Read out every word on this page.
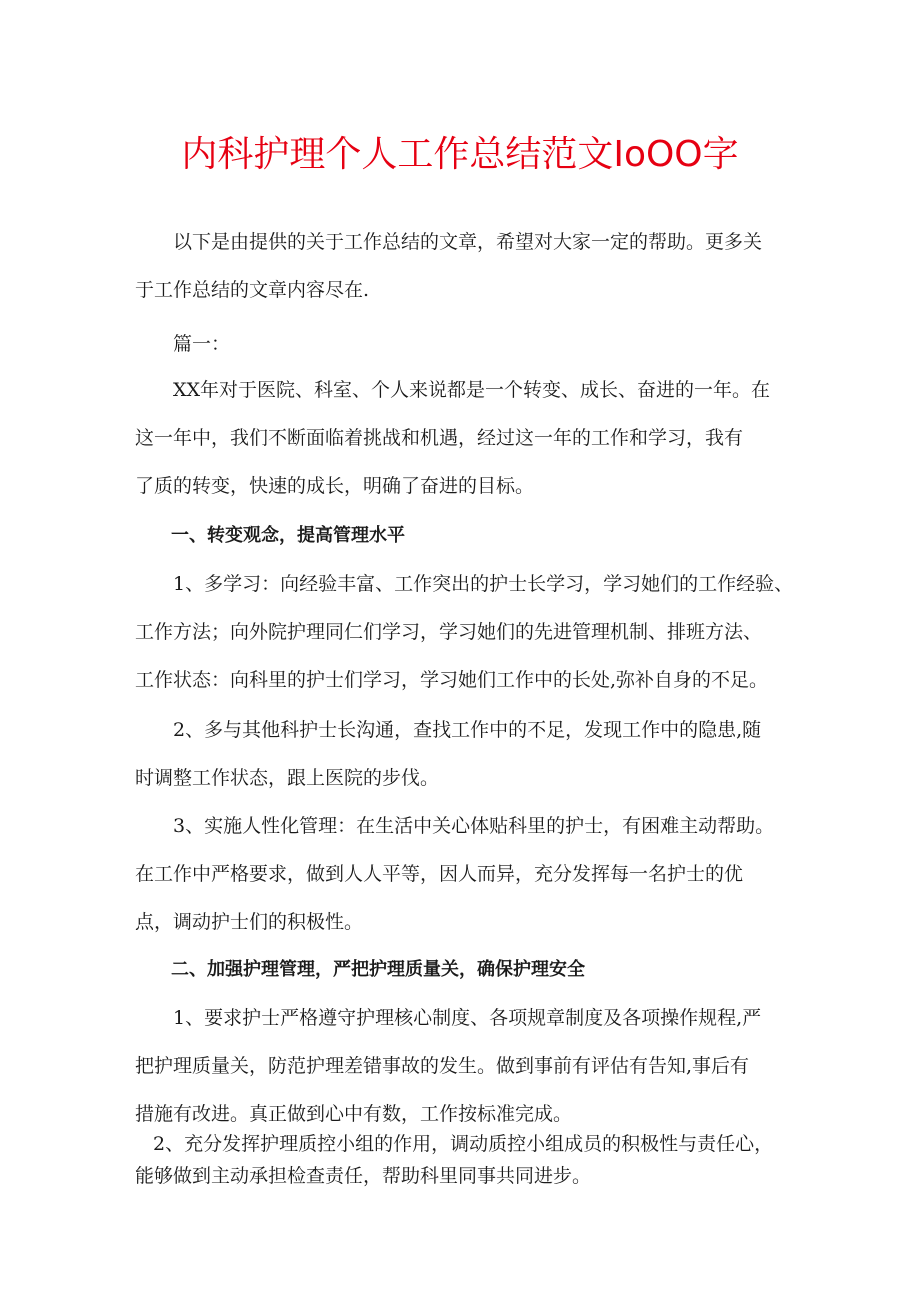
内科护理个人工作总结范文IoOO字
以下是由提供的关于工作总结的文章，希望对大家一定的帮助。更多关
于工作总结的文章内容尽在.
篇一：
XX年对于医院、科室、个人来说都是一个转变、成长、奋进的一年。在
这一年中，我们不断面临着挑战和机遇，经过这一年的工作和学习，我有
了质的转变，快速的成长，明确了奋进的目标。
一、转变观念，提高管理水平
1、多学习：向经验丰富、工作突出的护士长学习，学习她们的工作经验、
工作方法；向外院护理同仁们学习，学习她们的先进管理机制、排班方法、
工作状态：向科里的护士们学习，学习她们工作中的长处,弥补自身的不足。
2、多与其他科护士长沟通，查找工作中的不足，发现工作中的隐患,随
时调整工作状态，跟上医院的步伐。
3、实施人性化管理：在生活中关心体贴科里的护士，有困难主动帮助。
在工作中严格要求，做到人人平等，因人而异，充分发挥每一名护士的优
点，调动护士们的积极性。
二、加强护理管理，严把护理质量关，确保护理安全
1、要求护士严格遵守护理核心制度、各项规章制度及各项操作规程,严
把护理质量关，防范护理差错事故的发生。做到事前有评估有告知,事后有
措施有改进。真正做到心中有数，工作按标准完成。
2、充分发挥护理质控小组的作用，调动质控小组成员的积极性与责任心，
能够做到主动承担检查责任，帮助科里同事共同进步。
